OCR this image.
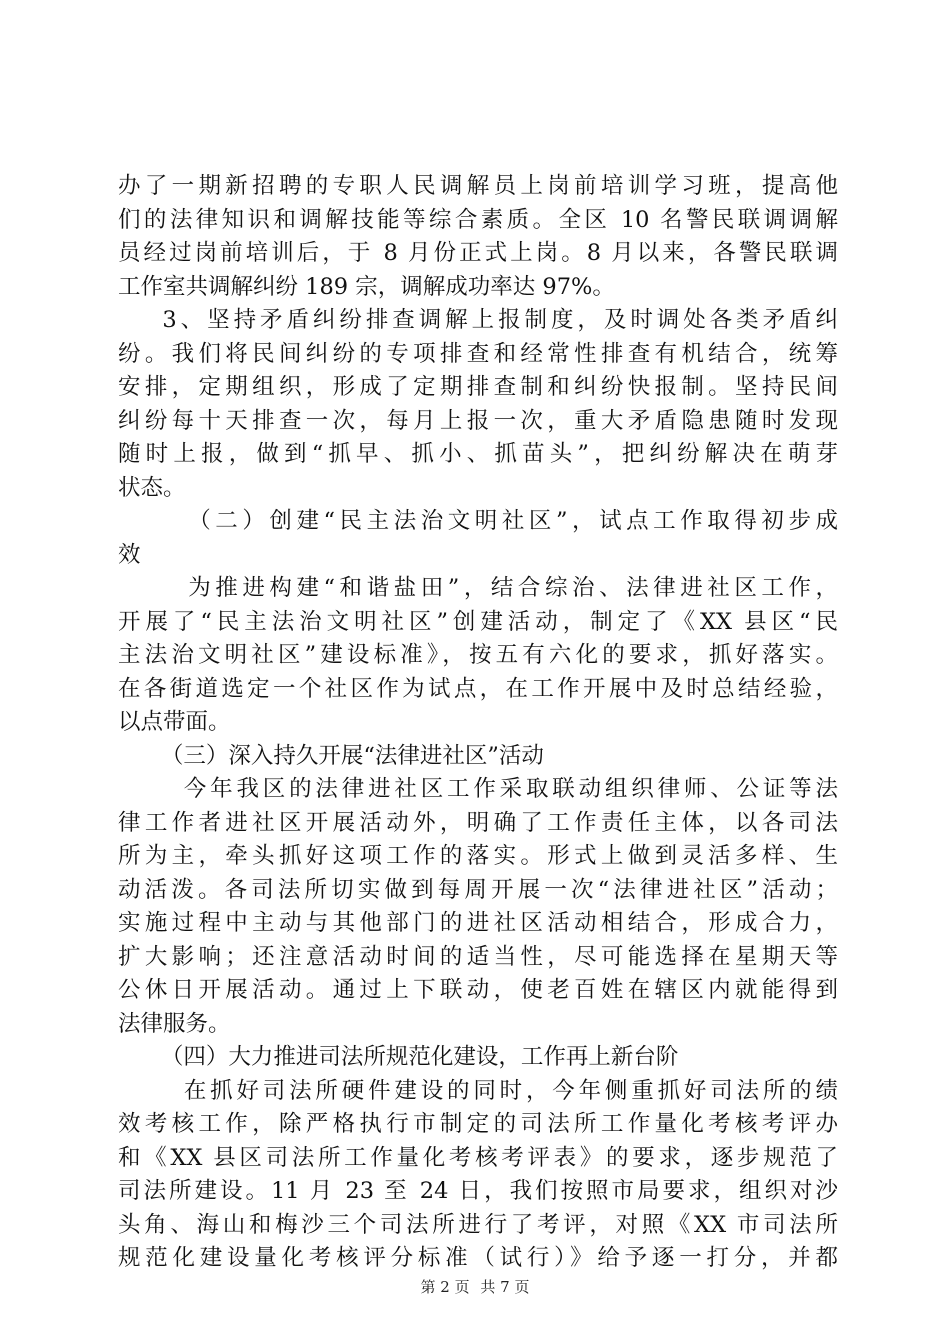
办了一期新招聘的专职人民调解员上岗前培训学习班，提高他
们的法律知识和调解技能等综合素质。全区 10 名警民联调调解
员经过岗前培训后，于 8 月份正式上岗。8 月以来，各警民联调
工作室共调解纠纷 189 宗，调解成功率达 97%。
3、坚持矛盾纠纷排查调解上报制度，及时调处各类矛盾纠
纷。我们将民间纠纷的专项排查和经常性排查有机结合，统筹
安排，定期组织，形成了定期排查制和纠纷快报制。坚持民间
纠纷每十天排查一次，每月上报一次，重大矛盾隐患随时发现
随时上报，做到“抓早、抓小、抓苗头”，把纠纷解决在萌芽
状态。
（二）创建“民主法治文明社区”，试点工作取得初步成
效
为推进构建“和谐盐田”，结合综治、法律进社区工作，
开展了“民主法治文明社区”创建活动，制定了《XX 县区“民
主法治文明社区”建设标准》，按五有六化的要求，抓好落实。
在各街道选定一个社区作为试点，在工作开展中及时总结经验，
以点带面。
（三）深入持久开展“法律进社区”活动
今年我区的法律进社区工作采取联动组织律师、公证等法
律工作者进社区开展活动外，明确了工作责任主体，以各司法
所为主，牵头抓好这项工作的落实。形式上做到灵活多样、生
动活泼。各司法所切实做到每周开展一次“法律进社区”活动；
实施过程中主动与其他部门的进社区活动相结合，形成合力，
扩大影响；还注意活动时间的适当性，尽可能选择在星期天等
公休日开展活动。通过上下联动，使老百姓在辖区内就能得到
法律服务。
（四）大力推进司法所规范化建设，工作再上新台阶
在抓好司法所硬件建设的同时，今年侧重抓好司法所的绩
效考核工作，除严格执行市制定的司法所工作量化考核考评办
和《XX 县区司法所工作量化考核考评表》的要求，逐步规范了
司法所建设。11 月 23 至 24 日，我们按照市局要求，组织对沙
头角、海山和梅沙三个司法所进行了考评，对照《XX 市司法所
规范化建设量化考核评分标准（试行）》给予逐一打分，并都
第 2 页 共 7 页
